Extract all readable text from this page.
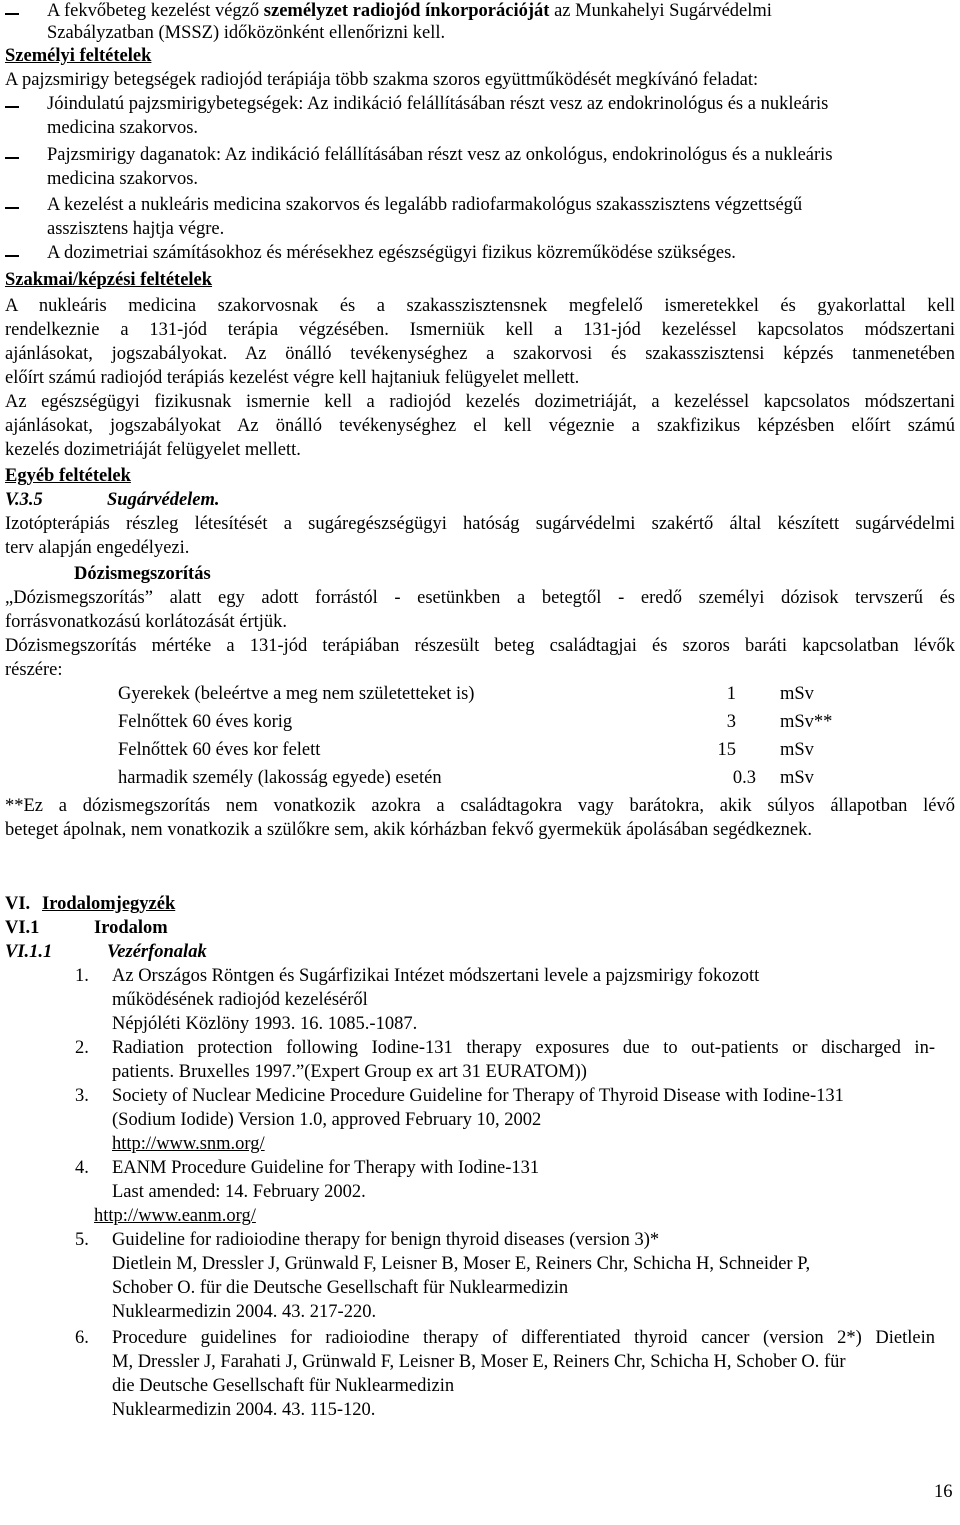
A fekvőbeteg kezelést végző személyzet radiojód ínkorporációját az Munkahelyi Sugárvédelmi
Szabályzatban (MSSZ) időközönként ellenőrizni kell.
Személyi feltételek
A pajzsmirigy betegségek radiojód terápiája több szakma szoros együttműködését megkívánó feladat:
Jóindulatú pajzsmirigybetegségek: Az indikáció felállításában részt vesz az endokrinológus és a nukleáris
medicina szakorvos.
Pajzsmirigy daganatok: Az indikáció felállításában részt vesz az onkológus, endokrinológus és a nukleáris
medicina szakorvos.
A kezelést a nukleáris medicina szakorvos és legalább radiofarmakológus szakasszisztens végzettségű
asszisztens hajtja végre.
A dozimetriai számításokhoz és mérésekhez egészségügyi fizikus közreműködése szükséges.
Szakmai/képzési feltételek
A nukleáris medicina szakorvosnak és a szakasszisztensnek megfelelő ismeretekkel és gyakorlattal kell
rendelkeznie a 131-jód terápia végzésében. Ismerniük kell a 131-jód kezeléssel kapcsolatos módszertani
ajánlásokat, jogszabályokat. Az önálló tevékenységhez a szakorvosi és szakasszisztensi képzés tanmenetében
előírt számú radiojód terápiás kezelést végre kell hajtaniuk felügyelet mellett.
Az egészségügyi fizikusnak ismernie kell a radiojód kezelés dozimetriáját, a kezeléssel kapcsolatos módszertani
ajánlásokat, jogszabályokat Az önálló tevékenységhez el kell végeznie a szakfizikus képzésben előírt számú
kezelés dozimetriáját felügyelet mellett.
Egyéb feltételek
V.3.5	Sugárvédelem.
Izotópterápiás részleg létesítését a sugáregészségügyi hatóság sugárvédelmi szakértő által készített sugárvédelmi
terv alapján engedélyezi.
Dózismegszorítás
„Dózismegszorítás” alatt egy adott forrástól - esetünkben a betegtől - eredő személyi dózisok tervszerű és
forrásvonatkozású korlátozását értjük.
Dózismegszorítás mértéke a 131-jód terápiában részesült beteg családtagjai és szoros baráti kapcsolatban lévők
részére:
Gyerekek (beleértve a meg nem születetteket is)	1 mSv
Felnőttek 60 éves korig	3 mSv**
Felnőttek 60 éves kor felett	15 mSv
harmadik személy (lakosság egyede) esetén	0.3 mSv
**Ez a dózismegszorítás nem vonatkozik azokra a családtagokra vagy barátokra, akik súlyos állapotban lévő
beteget ápolnak, nem vonatkozik a szülőkre sem, akik kórházban fekvő gyermekük ápolásában segédkeznek.
VI. Irodalomjegyzék
VI.1	Irodalom
VI.1.1	Vezérfonalak
1. Az Országos Röntgen és Sugárfizikai Intézet módszertani levele a pajzsmirigy fokozott
működésének radiojód kezeléséről
Népjóléti Közlöny 1993. 16. 1085.-1087.
2. Radiation protection following Iodine-131 therapy exposures due to out-patients or discharged in-
patients. Bruxelles 1997.”(Expert Group ex art 31 EURATOM))
3. Society of Nuclear Medicine Procedure Guideline for Therapy of Thyroid Disease with Iodine-131
(Sodium Iodide) Version 1.0, approved February 10, 2002
http://www.snm.org/
4. EANM Procedure Guideline for Therapy with Iodine-131
Last amended: 14. February 2002.
http://www.eanm.org/
5. Guideline for radioiodine therapy for benign thyroid diseases (version 3)*
Dietlein M, Dressler J, Grünwald F, Leisner B, Moser E, Reiners Chr, Schicha H, Schneider P,
Schober O. für die Deutsche Gesellschaft für Nuklearmedizin
Nuklearmedizin 2004. 43. 217-220.
6. Procedure guidelines for radioiodine therapy of differentiated thyroid cancer (version 2*) Dietlein
M, Dressler J, Farahati J, Grünwald F, Leisner B, Moser E, Reiners Chr, Schicha H, Schober O. für
die Deutsche Gesellschaft für Nuklearmedizin
Nuklearmedizin 2004. 43. 115-120.
16
